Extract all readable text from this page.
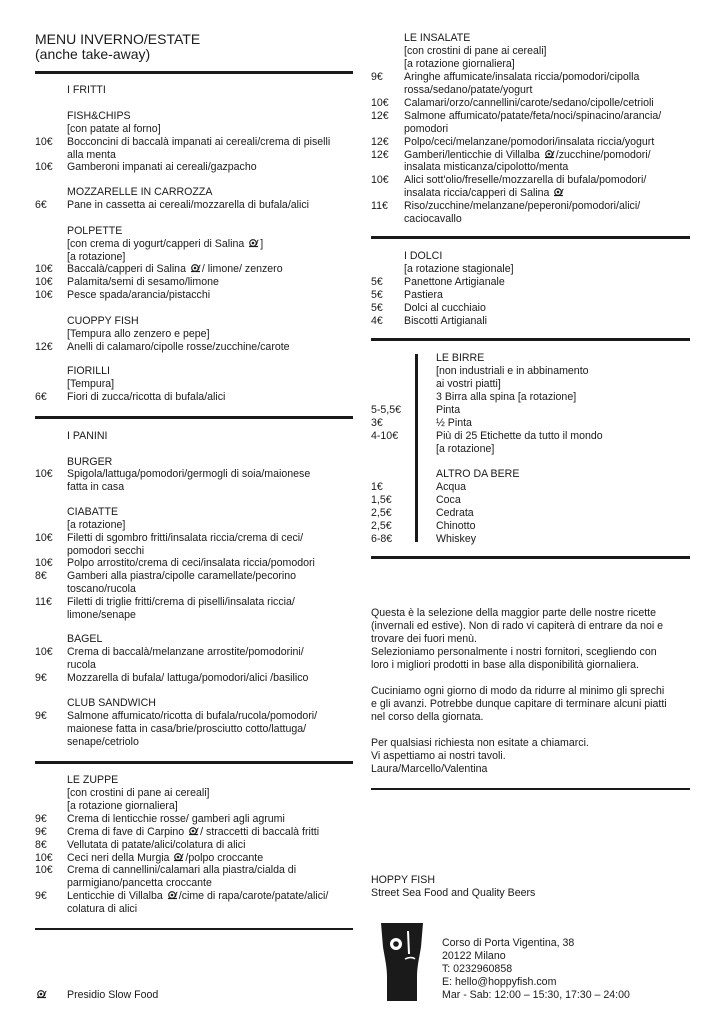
MENU INVERNO/ESTATE
(anche take-away)
I FRITTI
FISH&CHIPS
[con patate al forno]
10€ Bocconcini di baccalà impanati ai cereali/crema di piselli
alla menta
10€ Gamberoni impanati ai cereali/gazpacho
MOZZARELLE IN CARROZZA
6€ Pane in cassetta ai cereali/mozzarella di bufala/alici
POLPETTE
[con crema di yogurt/capperi di Salina ]
[a rotazione]
10€ Baccalà/capperi di Salina / limone/ zenzero
10€ Palamita/semi di sesamo/limone
10€ Pesce spada/arancia/pistacchi
CUOPPY FISH
[Tempura allo zenzero e pepe]
12€ Anelli di calamaro/cipolle rosse/zucchine/carote
FIORILLI
[Tempura]
6€ Fiori di zucca/ricotta di bufala/alici
I PANINI
BURGER
10€ Spigola/lattuga/pomodori/germogli di soia/maionese
fatta in casa
CIABATTE
[a rotazione]
10€ Filetti di sgombro fritti/insalata riccia/crema di ceci/
pomodori secchi
10€ Polpo arrostito/crema di ceci/insalata riccia/pomodori
8€ Gamberi alla piastra/cipolle caramellate/pecorino
toscano/rucola
11€ Filetti di triglie fritti/crema di piselli/insalata riccia/
limone/senape
BAGEL
10€ Crema di baccalà/melanzane arrostite/pomodorini/
rucola
9€ Mozzarella di bufala/ lattuga/pomodori/alici /basilico
CLUB SANDWICH
9€ Salmone affumicato/ricotta di bufala/rucola/pomodori/
maionese fatta in casa/brie/prosciutto cotto/lattuga/
senape/cetriolo
LE ZUPPE
[con crostini di pane ai cereali]
[a rotazione giornaliera]
9€ Crema di lenticchie rosse/ gamberi agli agrumi
9€ Crema di fave di Carpino / straccetti di baccalà fritti
8€ Vellutata di patate/alici/colatura di alici
10€ Ceci neri della Murgia /polpo croccante
10€ Crema di cannellini/calamari alla piastra/cialda di
parmigiano/pancetta croccante
9€ Lenticchie di Villalba /cime di rapa/carote/patate/alici/
colatura di alici
Presidio Slow Food
LE INSALATE
[con crostini di pane ai cereali]
[a rotazione giornaliera]
9€ Aringhe affumicate/insalata riccia/pomodori/cipolla
rossa/sedano/patate/yogurt
10€ Calamari/orzo/cannellini/carote/sedano/cipolle/cetrioli
12€ Salmone affumicato/patate/feta/noci/spinacino/arancia/
pomodori
12€ Polpo/ceci/melanzane/pomodori/insalata riccia/yogurt
12€ Gamberi/lenticchie di Villalba /zucchine/pomodori/
insalata misticanza/cipolotto/menta
10€ Alici sott'olio/freselle/mozzarella di bufala/pomodori/
insalata riccia/capperi di Salina
11€ Riso/zucchine/melanzane/peperoni/pomodori/alici/
caciocavallo
I DOLCI
[a rotazione stagionale]
5€ Panettone Artigianale
5€ Pastiera
5€ Dolci al cucchiaio
4€ Biscotti Artigianali
LE BIRRE
[non industriali e in abbinamento
ai vostri piatti]
3 Birra alla spina [a rotazione]
5-5,5€	Pinta
3€	½ Pinta
4-10€	Più di 25 Etichette da tutto il mondo
[a rotazione]
ALTRO DA BERE
1€	Acqua
1,5€	Coca
2,5€	Cedrata
2,5€	Chinotto
6-8€	Whiskey
Questa è la selezione della maggior parte delle nostre ricette
(invernali ed estive). Non di rado vi capiterà di entrare da noi e
trovare dei fuori menù.
Selezioniamo personalmente i nostri fornitori, scegliendo con
loro i migliori prodotti in base alla disponibilità giornaliera.
Cuciniamo ogni giorno di modo da ridurre al minimo gli sprechi
e gli avanzi. Potrebbe dunque capitare di terminare alcuni piatti
nel corso della giornata.
Per qualsiasi richiesta non esitate a chiamarci.
Vi aspettiamo ai nostri tavoli.
Laura/Marcello/Valentina
HOPPY FISH
Street Sea Food and Quality Beers
Corso di Porta Vigentina, 38
20122 Milano
T: 0232960858
E: hello@hoppyfish.com
Mar - Sab: 12:00 – 15:30, 17:30 – 24:00
